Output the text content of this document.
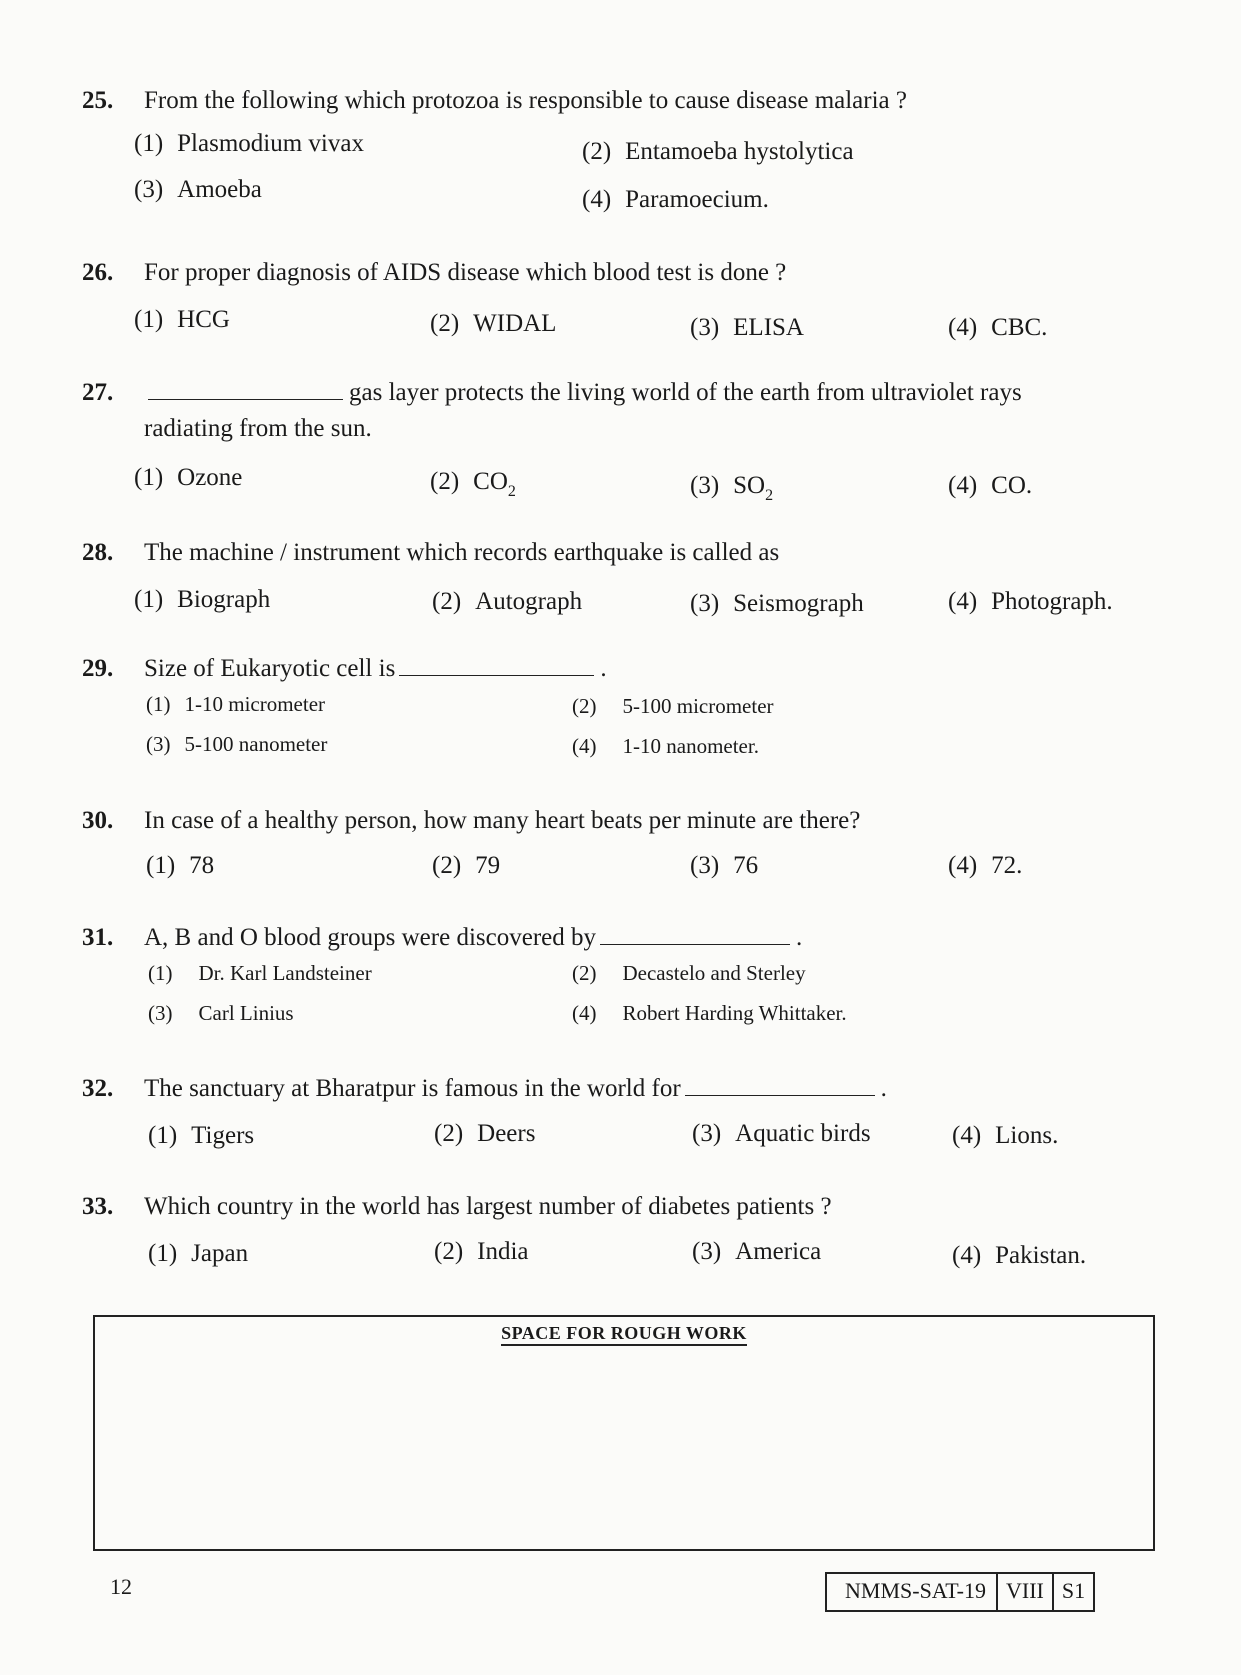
25. From the following which protozoa is responsible to cause disease malaria ?
(1) Plasmodium vivax	(2) Entamoeba hystolytica
(3) Amoeba	(4) Paramoecium.
26. For proper diagnosis of AIDS disease which blood test is done ?
(1) HCG	(2) WIDAL	(3) ELISA	(4) CBC.
27.	gas layer protects the living world of the earth from ultraviolet rays
radiating from the sun.
(1) Ozone	(2) $CO_2$	(3) $SO_2$	(4) CO.
28. The machine / instrument which records earthquake is called as
(1) Biograph	(2) Autograph	(3) Seismograph	(4) Photograph.
29. Size of Eukaryotic cell is	.
(1) 1-10 micrometer	(2) 5-100 micrometer
(3) 5-100 nanometer	(4) 1-10 nanometer.
30. In case of a healthy person, how many heart beats per minute are there?
(1) 78	(2) 79	(3) 76	(4) 72.
31. A, B and O blood groups were discovered by	.
(1) Dr. Karl Landsteiner	(2) Decastelo and Sterley
(3) Carl Linius	(4) Robert Harding Whittaker.
32. The sanctuary at Bharatpur is famous in the world for	.
(1) Tigers	(2) Deers	(3) Aquatic birds	(4) Lions.
33. Which country in the world has largest number of diabetes patients ?
(1) Japan	(2) India	(3) America	(4) Pakistan.
SPACE FOR ROUGH WORK
12	NMMS-SAT-19 VIII S1
